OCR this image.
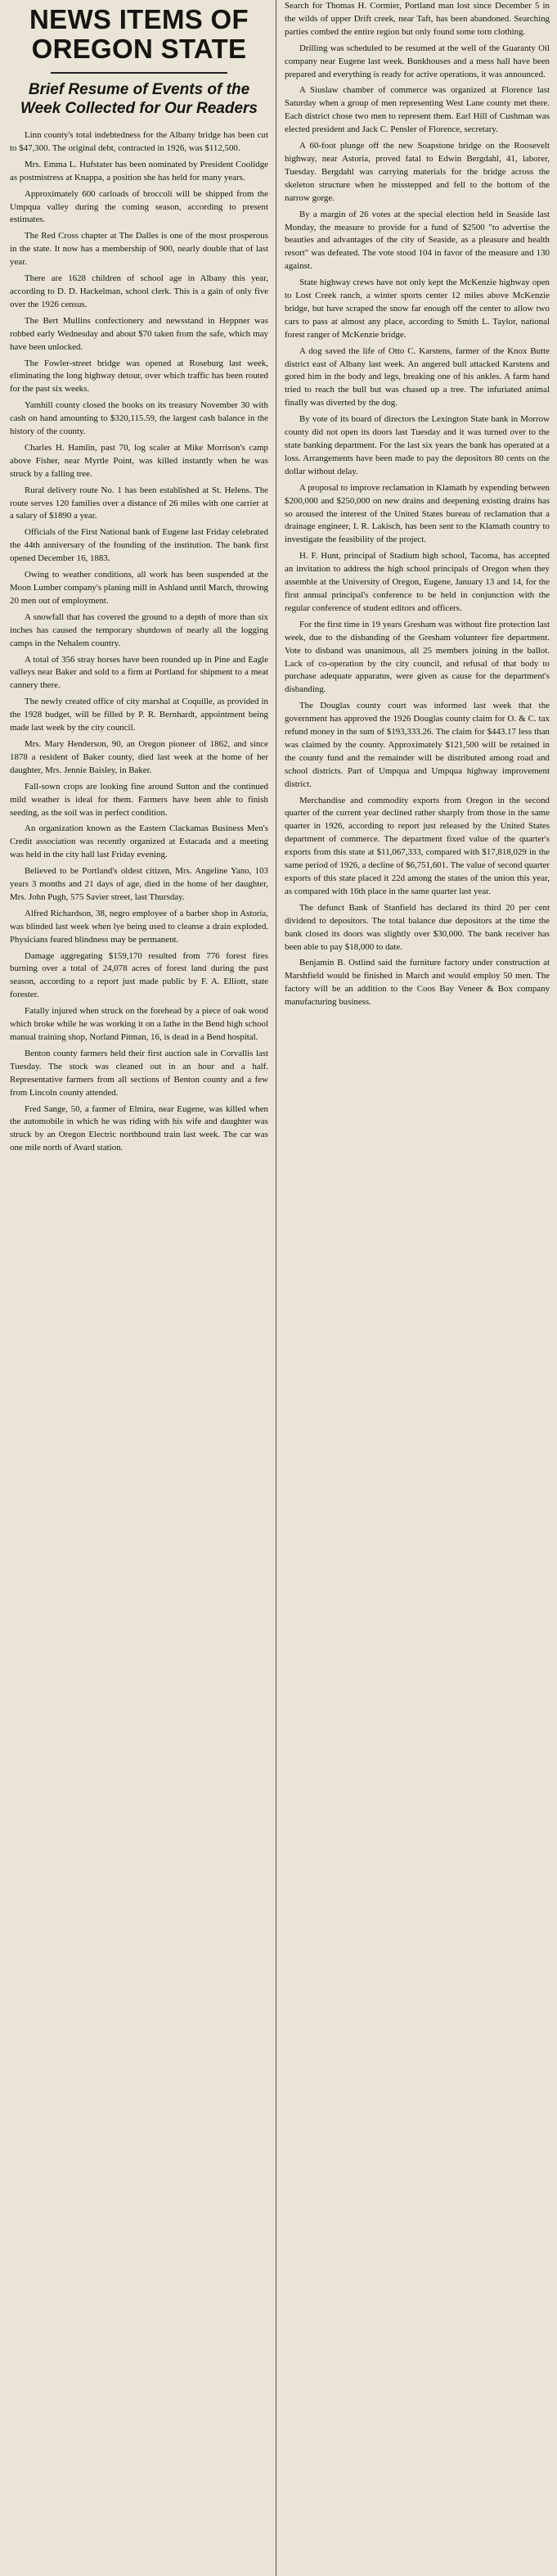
NEWS ITEMS OF OREGON STATE
Brief Resume of Events of the Week Collected for Our Readers

Linn county's total indebtedness for the Albany bridge has been cut to $47,300. The original debt, contracted in 1926, was $112,500.

Mrs. Emma L. Hufstater has been nominated by President Coolidge as postmistress at Knappa, a position she has held for many years.

Approximately 600 carloads of broccoli will be shipped from the Umpqua valley during the coming season, according to present estimates.

The Red Cross chapter at The Dalles is one of the most prosperous in the state. It now has a membership of 900, nearly double that of last year.

There are 1628 children of school age in Albany this year, according to D. D. Hackelman, school clerk. This is a gain of only five over the 1926 census.

The Bert Mullins confectionery and newsstand in Heppner was robbed early Wednesday and about $70 taken from the safe, which may have been unlocked.

The Fowler-street bridge was opened at Roseburg last week, eliminating the long highway detour, over which traffic has been routed for the past six weeks.

Yamhill county closed the books on its treasury November 30 with cash on hand amounting to $320,115.59, the largest cash balance in the history of the county.

Charles H. Hamlin, past 70, log scaler at Mike Morrison's camp above Fisher, near Myrtle Point, was killed instantly when he was struck by a falling tree.

Rural delivery route No. 1 has been established at St. Helens. The route serves 120 families over a distance of 26 miles with one carrier at a salary of $1890 a year.

Officials of the First National bank of Eugene last Friday celebrated the 44th anniversary of the founding of the institution. The bank first opened December 16, 1883.

Owing to weather conditions, all work has been suspended at the Moon Lumber company's planing mill in Ashland until March, throwing 20 men out of employment.

A snowfall that has covered the ground to a depth of more than six inches has caused the temporary shutdown of nearly all the logging camps in the Nehalem country.

A total of 356 stray horses have been rounded up in Pine and Eagle valleys near Baker and sold to a firm at Portland for shipment to a meat cannery there.

The newly created office of city marshal at Coquille, as provided in the 1928 budget, will be filled by P. R. Bernhardt, appointment being made last week by the city council.

Mrs. Mary Henderson, 90, an Oregon pioneer of 1862, and since 1878 a resident of Baker county, died last week at the home of her daughter, Mrs. Jennie Baisley, in Baker.

Fall-sown crops are looking fine around Sutton and the continued mild weather is ideal for them. Farmers have been able to finish seeding, as the soil was in perfect condition.

An organization known as the Eastern Clackamas Business Men's Credit association was recently organized at Estacada and a meeting was held in the city hall last Friday evening.

Believed to be Portland's oldest citizen, Mrs. Angeline Yano, 103 years 3 months and 21 days of age, died in the home of her daughter, Mrs. John Pugh, 575 Savier street, last Thursday.

Alfred Richardson, 38, negro employee of a barber shop in Astoria, was blinded last week when lye being used to cleanse a drain exploded. Physicians feared blindness may be permanent.

Damage aggregating $159,170 resulted from 776 forest fires burning over a total of 24,078 acres of forest land during the past season, according to a report just made public by F. A. Elliott, state forester.

Fatally injured when struck on the forehead by a piece of oak wood which broke while he was working it on a lathe in the Bend high school manual training shop, Norland Pitman, 16, is dead in a Bend hospital.

Benton county farmers held their first auction sale in Corvallis last Tuesday. The stock was cleaned out in an hour and a half. Representative farmers from all sections of Benton county and a few from Lincoln county attended.

Fred Sange, 50, a farmer of Elmira, near Eugene, was killed when the automobile in which he was riding with his wife and daughter was struck by an Oregon Electric northbound train last week. The car was one mile north of Avard station.

Search for Thomas H. Cormier, Portland man lost since December 5 in the wilds of upper Drift creek, near Taft, has been abandoned. Searching parties combed the entire region but only found some torn clothing.

Drilling was scheduled to be resumed at the well of the Guaranty Oil company near Eugene last week. Bunkhouses and a mess hall have been prepared and everything is ready for active operations, it was announced.

A Siuslaw chamber of commerce was organized at Florence last Saturday when a group of men representing West Lane county met there. Each district chose two men to represent them. Earl Hill of Cushman was elected president and Jack C. Pensler of Florence, secretary.

A 60-foot plunge off the new Soapstone bridge on the Roosevelt highway, near Astoria, proved fatal to Edwin Bergdahl, 41, laborer, Tuesday. Bergdahl was carrying materials for the bridge across the skeleton structure when he misstepped and fell to the bottom of the narrow gorge.

By a margin of 26 votes at the special election held in Seaside last Monday, the measure to provide for a fund of $2500 "to advertise the beauties and advantages of the city of Seaside, as a pleasure and health resort" was defeated. The vote stood 104 in favor of the measure and 130 against.

State highway crews have not only kept the McKenzie highway open to Lost Creek ranch, a winter sports center 12 miles above McKenzie bridge, but have scraped the snow far enough off the center to allow two cars to pass at almost any place, according to Smith L. Taylor, national forest ranger of McKenzie bridge.

A dog saved the life of Otto C. Karstens, farmer of the Knox Butte district east of Albany last week. An angered bull attacked Karstens and gored him in the body and legs, breaking one of his ankles. A farm hand tried to reach the bull but was chased up a tree. The infuriated animal finally was diverted by the dog.

By vote of its board of directors the Lexington State bank in Morrow county did not open its doors last Tuesday and it was turned over to the state banking department. For the last six years the bank has operated at a loss. Arrangements have been made to pay the depositors 80 cents on the dollar without delay.

A proposal to improve reclamation in Klamath by expending between $200,000 and $250,000 on new drains and deepening existing drains has so aroused the interest of the United States bureau of reclamation that a drainage engineer, I. R. Lakisch, has been sent to the Klamath country to investigate the feasibility of the project.

H. F. Hunt, principal of Stadium high school, Tacoma, has accepted an invitation to address the high school principals of Oregon when they assemble at the University of Oregon, Eugene, January 13 and 14, for the first annual principal's conference to be held in conjunction with the regular conference of student editors and officers.

For the first time in 19 years Gresham was without fire protection last week, due to the disbanding of the Gresham volunteer fire department. Vote to disband was unanimous, all 25 members joining in the ballot. Lack of co-operation by the city council, and refusal of that body to purchase adequate apparatus, were given as cause for the department's disbanding.

The Douglas county court was informed last week that the government has approved the 1926 Douglas county claim for O. & C. tax refund money in the sum of $193,333.26. The claim for $443.17 less than was claimed by the county. Approximately $121,500 will be retained in the county fund and the remainder will be distributed among road and school districts. Part of Umpqua and Umpqua highway improvement district.

Merchandise and commodity exports from Oregon in the second quarter of the current year declined rather sharply from those in the same quarter in 1926, according to report just released by the United States department of commerce. The department fixed value of the quarter's exports from this state at $11,067,333, compared with $17,818,029 in the same period of 1926, a decline of $6,751,601. The value of second quarter exports of this state placed it 22d among the states of the union this year, as compared with 16th place in the same quarter last year.

The defunct Bank of Stanfield has declared its third 20 per cent dividend to depositors. The total balance due depositors at the time the bank closed its doors was slightly over $30,000. The bank receiver has been able to pay $18,000 to date.

Benjamin B. Ostlind said the furniture factory under construction at Marshfield would be finished in March and would employ 50 men. The factory will be an addition to the Coos Bay Veneer & Box company manufacturing business.
